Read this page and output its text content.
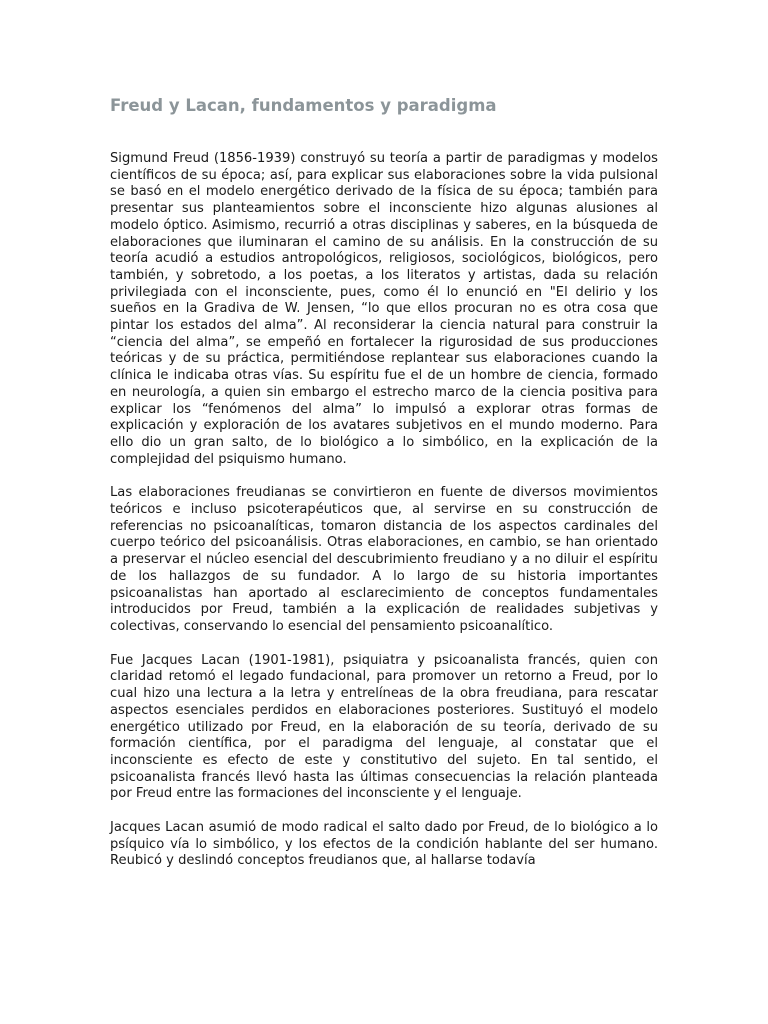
Freud y Lacan, fundamentos y paradigma

Sigmund Freud (1856-1939) construyó su teoría a partir de paradigmas y modelos científicos de su época; así, para explicar sus elaboraciones sobre la vida pulsional se basó en el modelo energético derivado de la física de su época; también para presentar sus planteamientos sobre el inconsciente hizo algunas alusiones al modelo óptico. Asimismo, recurrió a otras disciplinas y saberes, en la búsqueda de elaboraciones que iluminaran el camino de su análisis. En la construcción de su teoría acudió a estudios antropológicos, religiosos, sociológicos, biológicos, pero también, y sobretodo, a los poetas, a los literatos y artistas, dada su relación privilegiada con el inconsciente, pues, como él lo enunció en "El delirio y los sueños en la Gradiva de W. Jensen, “lo que ellos procuran no es otra cosa que pintar los estados del alma”. Al reconsiderar la ciencia natural para construir la “ciencia del alma”, se empeñó en fortalecer la rigurosidad de sus producciones teóricas y de su práctica, permitiéndose replantear sus elaboraciones cuando la clínica le indicaba otras vías. Su espíritu fue el de un hombre de ciencia, formado en neurología, a quien sin embargo el estrecho marco de la ciencia positiva para explicar los “fenómenos del alma” lo impulsó a explorar otras formas de explicación y exploración de los avatares subjetivos en el mundo moderno. Para ello dio un gran salto, de lo biológico a lo simbólico, en la explicación de la complejidad del psiquismo humano.

Las elaboraciones freudianas se convirtieron en fuente de diversos movimientos teóricos e incluso psicoterapéuticos que, al servirse en su construcción de referencias no psicoanalíticas, tomaron distancia de los aspectos cardinales del cuerpo teórico del psicoanálisis. Otras elaboraciones, en cambio, se han orientado a preservar el núcleo esencial del descubrimiento freudiano y a no diluir el espíritu de los hallazgos de su fundador. A lo largo de su historia importantes psicoanalistas han aportado al esclarecimiento de conceptos fundamentales introducidos por Freud, también a la explicación de realidades subjetivas y colectivas, conservando lo esencial del pensamiento psicoanalítico.

Fue Jacques Lacan (1901-1981), psiquiatra y psicoanalista francés, quien con claridad retomó el legado fundacional, para promover un retorno a Freud, por lo cual hizo una lectura a la letra y entrelíneas de la obra freudiana, para rescatar aspectos esenciales perdidos en elaboraciones posteriores. Sustituyó el modelo energético utilizado por Freud, en la elaboración de su teoría, derivado de su formación científica, por el paradigma del lenguaje, al constatar que el inconsciente es efecto de este y constitutivo del sujeto. En tal sentido, el psicoanalista francés llevó hasta las últimas consecuencias la relación planteada por Freud entre las formaciones del inconsciente y el lenguaje.

Jacques Lacan asumió de modo radical el salto dado por Freud, de lo biológico a lo psíquico vía lo simbólico, y los efectos de la condición hablante del ser humano. Reubicó y deslindó conceptos freudianos que, al hallarse todavía
